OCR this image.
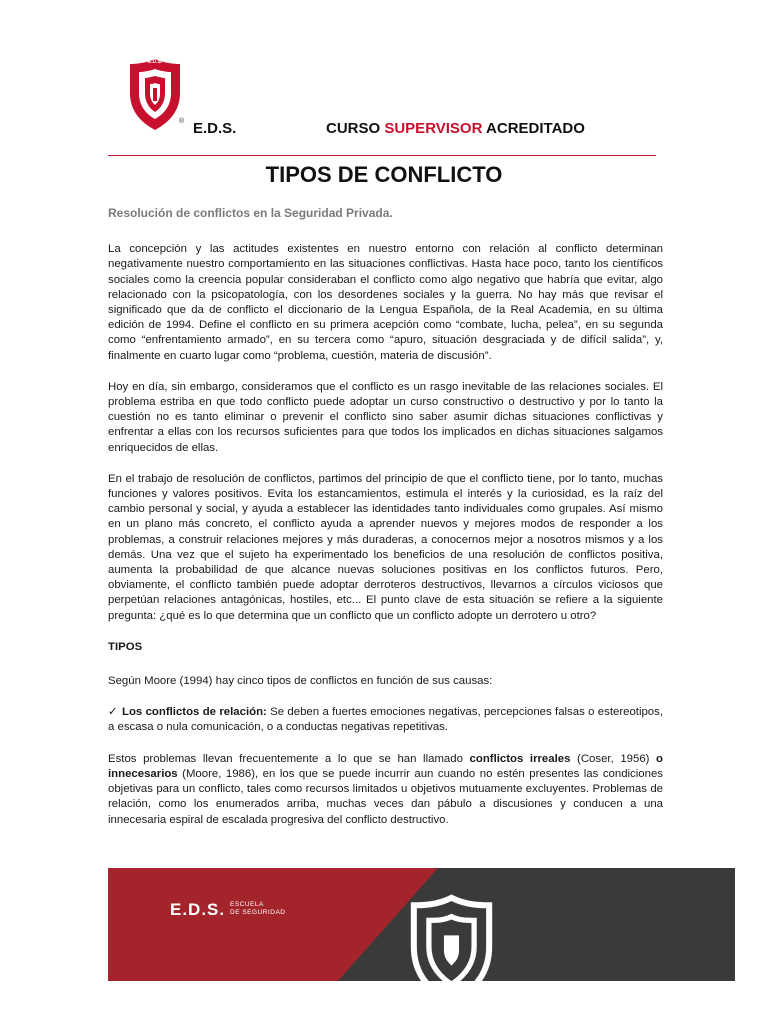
E.D.S.
® E.D.S.	CURSO SUPERVISOR ACREDITADO
TIPOS DE CONFLICTO
Resolución de conflictos en la Seguridad Privada.

La concepción y las actitudes existentes en nuestro entorno con relación al conflicto determinan negativamente nuestro comportamiento en las situaciones conflictivas. Hasta hace poco, tanto los científicos sociales como la creencia popular consideraban el conflicto como algo negativo que habría que evitar, algo relacionado con la psicopatología, con los desordenes sociales y la guerra. No hay más que revisar el significado que da de conflicto el diccionario de la Lengua Española, de la Real Academia, en su última edición de 1994. Define el conflicto en su primera acepción como “combate, lucha, pelea”, en su segunda como “enfrentamiento armado”, en su tercera como “apuro, situación desgraciada y de difícil salida”, y, finalmente en cuarto lugar como “problema, cuestión, materia de discusión”.

Hoy en día, sin embargo, consideramos que el conflicto es un rasgo inevitable de las relaciones sociales. El problema estriba en que todo conflicto puede adoptar un curso constructivo o destructivo y por lo tanto la cuestión no es tanto eliminar o prevenir el conflicto sino saber asumir dichas situaciones conflictivas y enfrentar a ellas con los recursos suficientes para que todos los implicados en dichas situaciones salgamos enriquecidos de ellas.

En el trabajo de resolución de conflictos, partimos del principio de que el conflicto tiene, por lo tanto, muchas funciones y valores positivos. Evita los estancamientos, estimula el interés y la curiosidad, es la raíz del cambio personal y social, y ayuda a establecer las identidades tanto individuales como grupales. Así mismo en un plano más concreto, el conflicto ayuda a aprender nuevos y mejores modos de responder a los problemas, a construir relaciones mejores y más duraderas, a conocernos mejor a nosotros mismos y a los demás. Una vez que el sujeto ha experimentado los beneficios de una resolución de conflictos positiva, aumenta la probabilidad de que alcance nuevas soluciones positivas en los conflictos futuros. Pero, obviamente, el conflicto también puede adoptar derroteros destructivos, llevarnos a círculos viciosos que perpetúan relaciones antagónicas, hostiles, etc... El punto clave de esta situación se refiere a la siguiente pregunta: ¿qué es lo que determina que un conflicto que un conflicto adopte un derrotero u otro?

TIPOS

Según Moore (1994) hay cinco tipos de conflictos en función de sus causas:

✓ Los conflictos de relación: Se deben a fuertes emociones negativas, percepciones falsas o estereotipos, a escasa o nula comunicación, o a conductas negativas repetitivas.

Estos problemas llevan frecuentemente a lo que se han llamado conflictos irreales (Coser, 1956) o innecesarios (Moore, 1986), en los que se puede incurrir aun cuando no estén presentes las condiciones objetivas para un conflicto, tales como recursos limitados u objetivos mutuamente excluyentes. Problemas de relación, como los enumerados arriba, muchas veces dan pábulo a discusiones y conducen a una innecesaria espiral de escalada progresiva del conflicto destructivo.

E.D.S. ESCUELA
DE SEGURIDAD
